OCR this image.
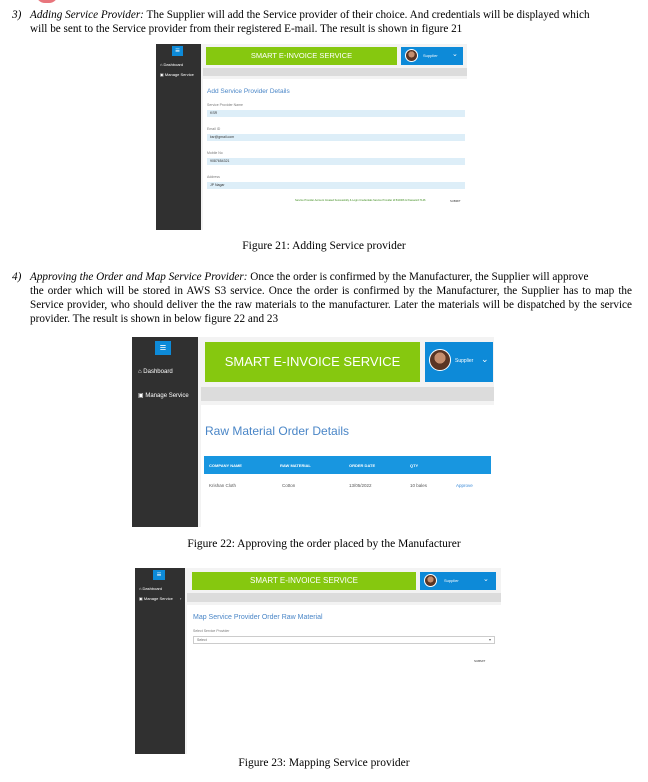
3) Adding Service Provider: The Supplier will add the Service provider of their choice. And credentials will be displayed which
will be sent to the Service provider from their registered E-mail. The result is shown in figure 21
≡
⌂ Dashboard
▣ Manage Service
SMART E-INVOICE SERVICE	Supplier ⌄
Add Service Provider Details
Service Provider Name
KSR
Email ID
ksr@gmail.com
Mobile No
9087654321
Address
JP Nagar
Service Provider Account Created Successfully & Login Credentials Service Provider Id:510006 & Password:7146	SUBMIT
Figure 21: Adding Service provider
4) Approving the Order and Map Service Provider: Once the order is confirmed by the Manufacturer, the Supplier will approve
the order which will be stored in AWS S3 service. Once the order is confirmed by the Manufacturer, the Supplier has to map the Service provider, who should deliver the the raw materials to the manufacturer. Later the materials will be dispatched by the service provider. The result is shown in below figure 22 and 23
≡
⌂ Dashboard
▣ Manage Service
SMART E-INVOICE SERVICE	Supplier ⌄
Raw Material Order Details
COMPANY NAME	RAW MATERIAL	ORDER DATE	QTY
Krishan Cloth	Cotton	13/05/2022	10 bales	Approve
Figure 22: Approving the order placed by the Manufacturer
≡
⌂ Dashboard
▣ Manage Service ›
SMART E-INVOICE SERVICE	Supplier	⌄
Map Service Provider Order Raw Material
Select Service Provider
Select	▾
SUBMIT
Figure 23: Mapping Service provider
